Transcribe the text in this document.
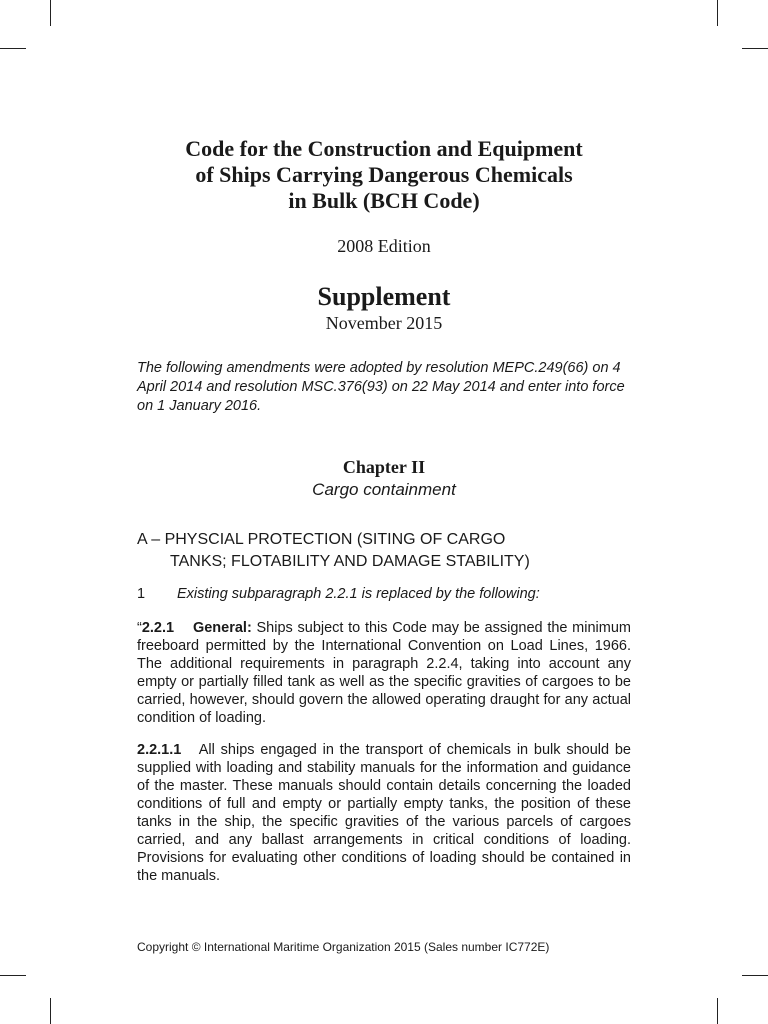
Code for the Construction and Equipment
of Ships Carrying Dangerous Chemicals
in Bulk (BCH Code)
2008 Edition
Supplement
November 2015
The following amendments were adopted by resolution MEPC.249(66) on 4 April 2014 and resolution MSC.376(93) on 22 May 2014 and enter into force on 1 January 2016.
Chapter II
Cargo containment
A – PHYSCIAL PROTECTION (SITING OF CARGO
TANKS; FLOTABILITY AND DAMAGE STABILITY)
1 Existing subparagraph 2.2.1 is replaced by the following:

“2.2.1 General: Ships subject to this Code may be assigned the minimum freeboard permitted by the International Convention on Load Lines, 1966. The additional requirements in paragraph 2.2.4, taking into account any empty or partially filled tank as well as the specific gravities of cargoes to be carried, however, should govern the allowed operating draught for any actual condition of loading.

2.2.1.1 All ships engaged in the transport of chemicals in bulk should be supplied with loading and stability manuals for the information and guidance of the master. These manuals should contain details concerning the loaded conditions of full and empty or partially empty tanks, the position of these tanks in the ship, the specific gravities of the various parcels of cargoes carried, and any ballast arrangements in critical conditions of loading. Provisions for evaluating other conditions of loading should be contained in the manuals.

Copyright © International Maritime Organization 2015 (Sales number IC772E)
